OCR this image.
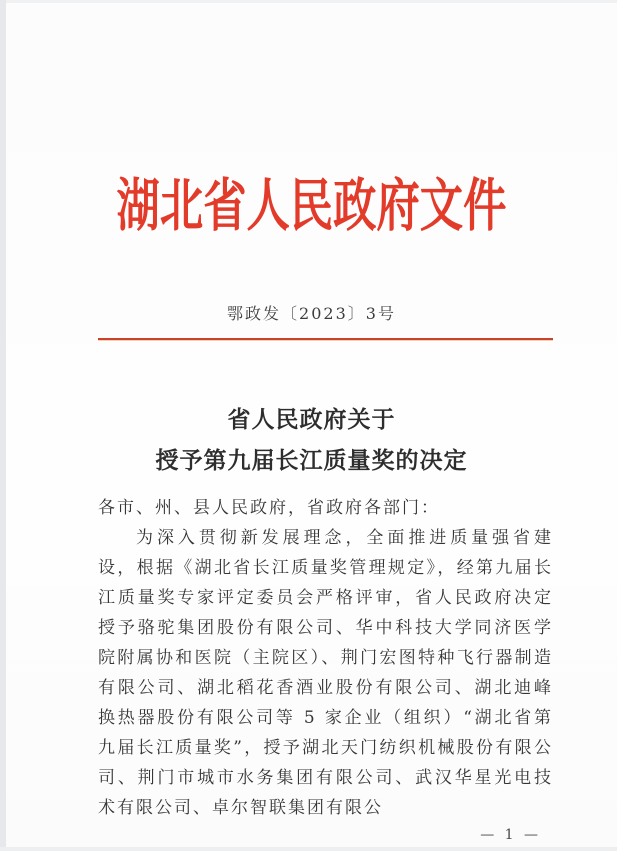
湖北省人民政府文件
鄂政发〔2023〕3号
省人民政府关于
授予第九届长江质量奖的决定

各市、州、县人民政府，省政府各部门：

为深入贯彻新发展理念，全面推进质量强省建设，根据《湖北省长江质量奖管理规定》，经第九届长江质量奖专家评定委员会严格评审，省人民政府决定授予骆驼集团股份有限公司、华中科技大学同济医学院附属协和医院（主院区）、荆门宏图特种飞行器制造有限公司、湖北稻花香酒业股份有限公司、湖北迪峰换热器股份有限公司等 5 家企业（组织）“湖北省第九届长江质量奖”，授予湖北天门纺织机械股份有限公司、荆门市城市水务集团有限公司、武汉华星光电技术有限公司、卓尔智联集团有限公

— 1 —
